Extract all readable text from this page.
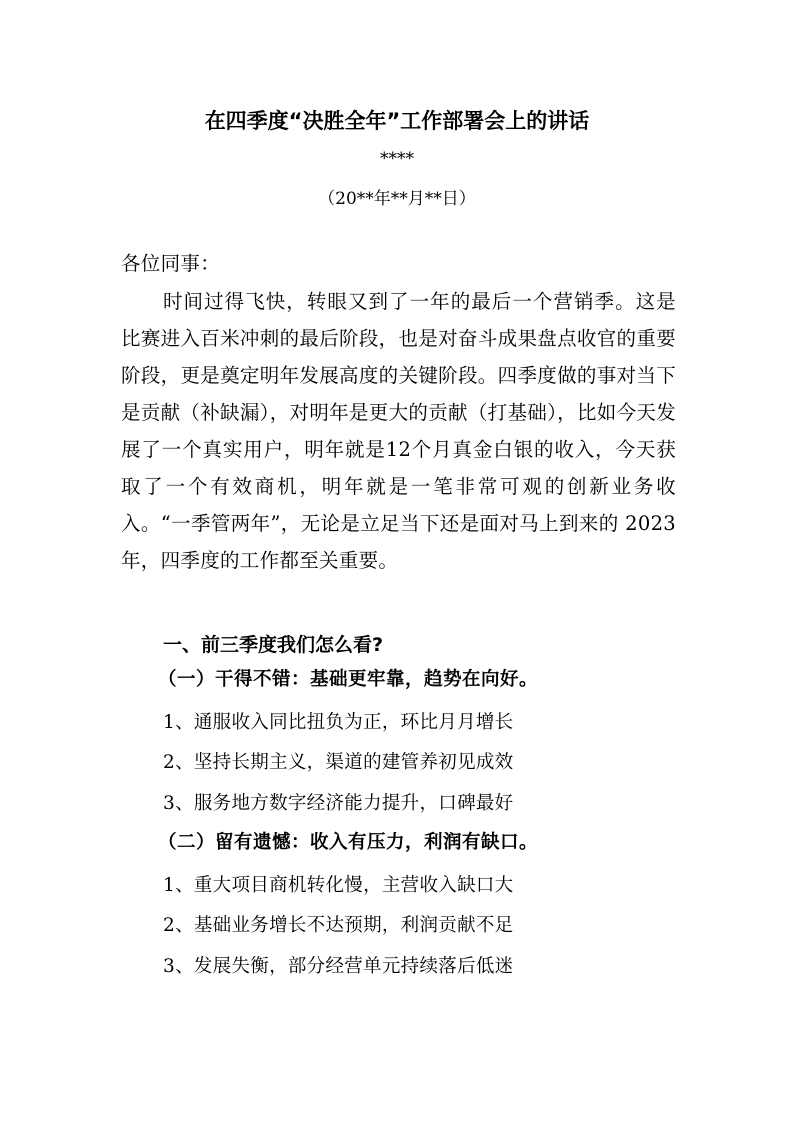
在四季度“决胜全年”工作部署会上的讲话
****
（20**年**月**日）

各位同事：

时间过得飞快，转眼又到了一年的最后一个营销季。这是比赛进入百米冲刺的最后阶段，也是对奋斗成果盘点收官的重要阶段，更是奠定明年发展高度的关键阶段。四季度做的事对当下是贡献（补缺漏），对明年是更大的贡献（打基础），比如今天发展了一个真实用户，明年就是12个月真金白银的收入，今天获取了一个有效商机，明年就是一笔非常可观的创新业务收入。“一季管两年”，无论是立足当下还是面对马上到来的 2023 年，四季度的工作都至关重要。

一、前三季度我们怎么看?
（一）干得不错：基础更牢靠，趋势在向好。

1、通服收入同比扭负为正，环比月月增长

2、坚持长期主义，渠道的建管养初见成效

3、服务地方数字经济能力提升，口碑最好

（二）留有遗憾：收入有压力，利润有缺口。

1、重大项目商机转化慢，主营收入缺口大

2、基础业务增长不达预期，利润贡献不足

3、发展失衡，部分经营单元持续落后低迷
